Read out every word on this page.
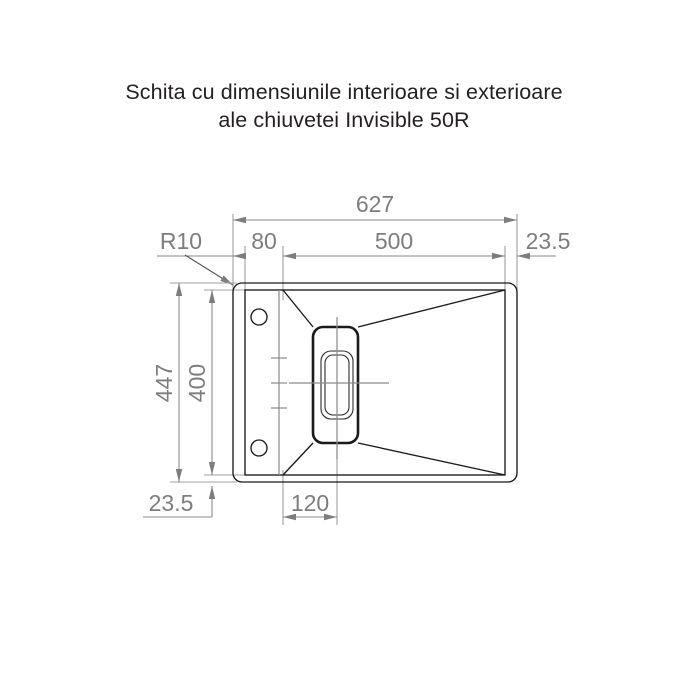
Schita cu dimensiunile interioare si exterioare
ale chiuvetei Invisible 50R
627
80	500	23.5
R10
447 400
23.5	120
